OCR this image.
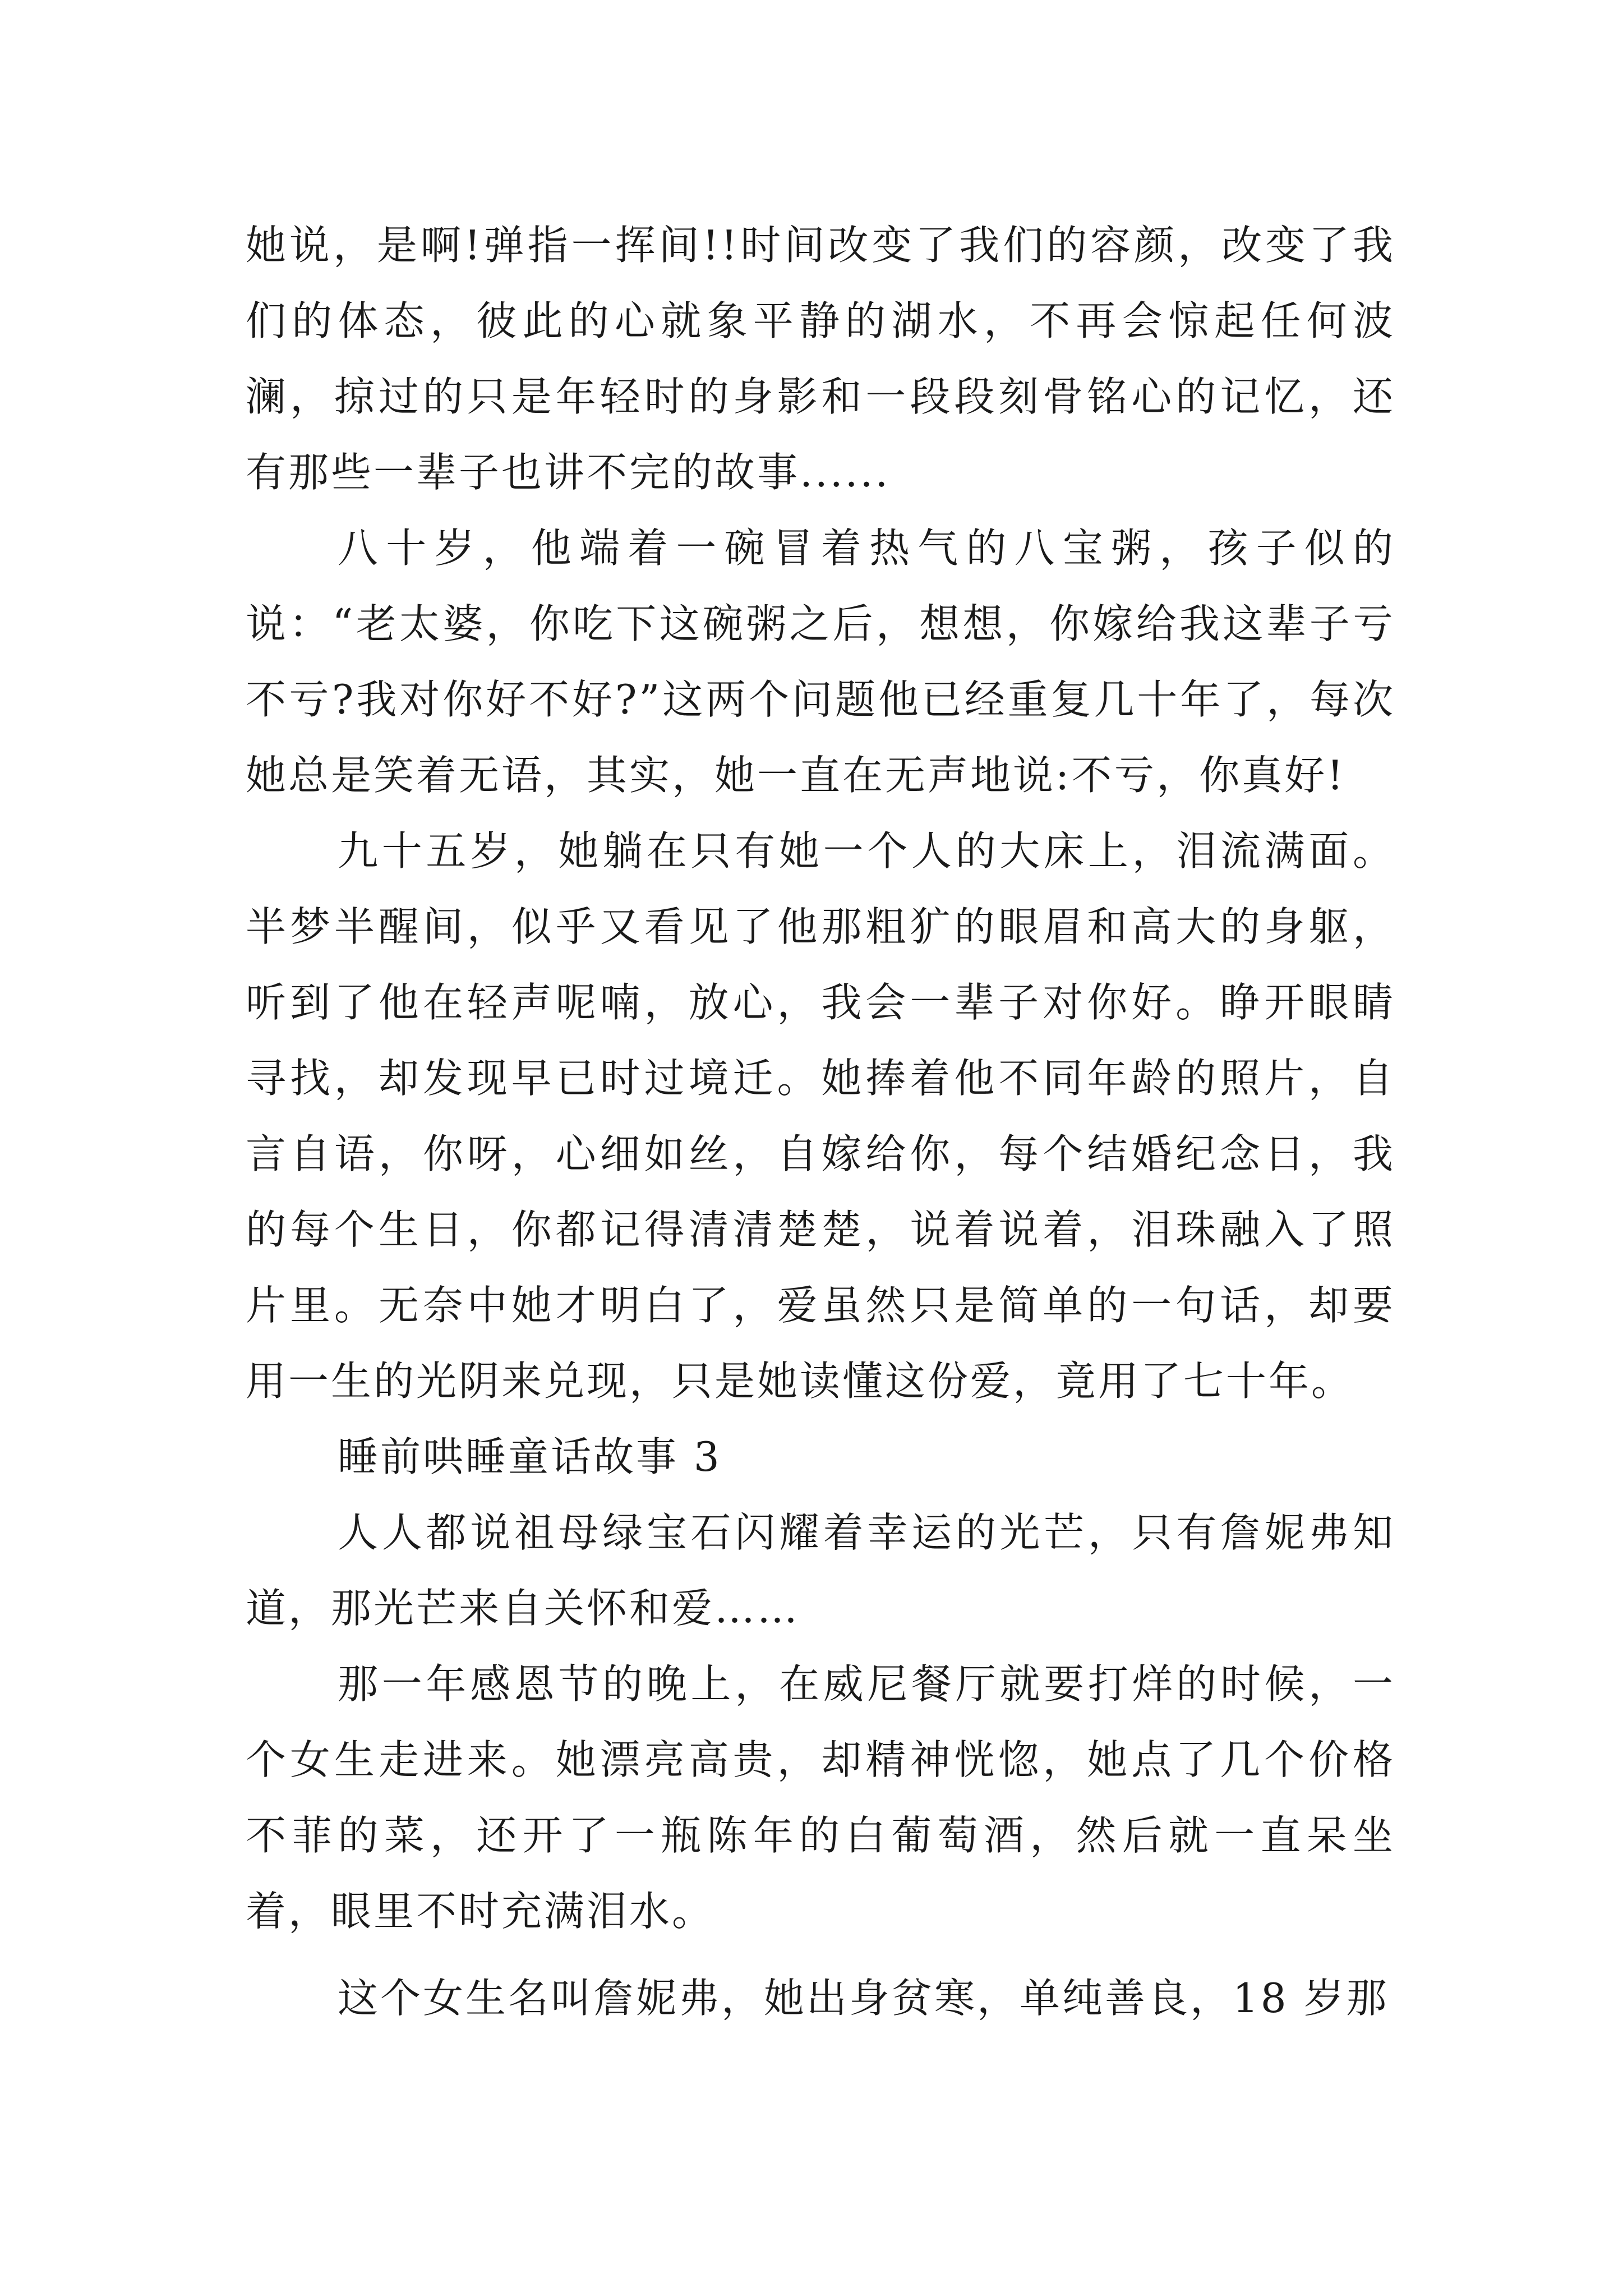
她说，是啊!弹指一挥间!!时间改变了我们的容颜，改变了我们的体态，彼此的心就象平静的湖水，不再会惊起任何波澜，掠过的只是年轻时的身影和一段段刻骨铭心的记忆，还有那些一辈子也讲不完的故事......

八十岁，他端着一碗冒着热气的八宝粥，孩子似的说：“老太婆，你吃下这碗粥之后，想想，你嫁给我这辈子亏不亏?我对你好不好?”这两个问题他已经重复几十年了，每次她总是笑着无语，其实，她一直在无声地说:不亏，你真好!

九十五岁，她躺在只有她一个人的大床上，泪流满面。半梦半醒间，似乎又看见了他那粗犷的眼眉和高大的身躯，听到了他在轻声呢喃，放心，我会一辈子对你好。睁开眼睛寻找，却发现早已时过境迁。她捧着他不同年龄的照片，自言自语，你呀，心细如丝，自嫁给你，每个结婚纪念日，我的每个生日，你都记得清清楚楚，说着说着，泪珠融入了照片里。无奈中她才明白了，爱虽然只是简单的一句话，却要用一生的光阴来兑现，只是她读懂这份爱，竟用了七十年。

睡前哄睡童话故事 3

人人都说祖母绿宝石闪耀着幸运的光芒，只有詹妮弗知道，那光芒来自关怀和爱……

那一年感恩节的晚上，在威尼餐厅就要打烊的时候，一个女生走进来。她漂亮高贵，却精神恍惚，她点了几个价格不菲的菜，还开了一瓶陈年的白葡萄酒，然后就一直呆坐着，眼里不时充满泪水。

这个女生名叫詹妮弗，她出身贫寒，单纯善良，18 岁那
